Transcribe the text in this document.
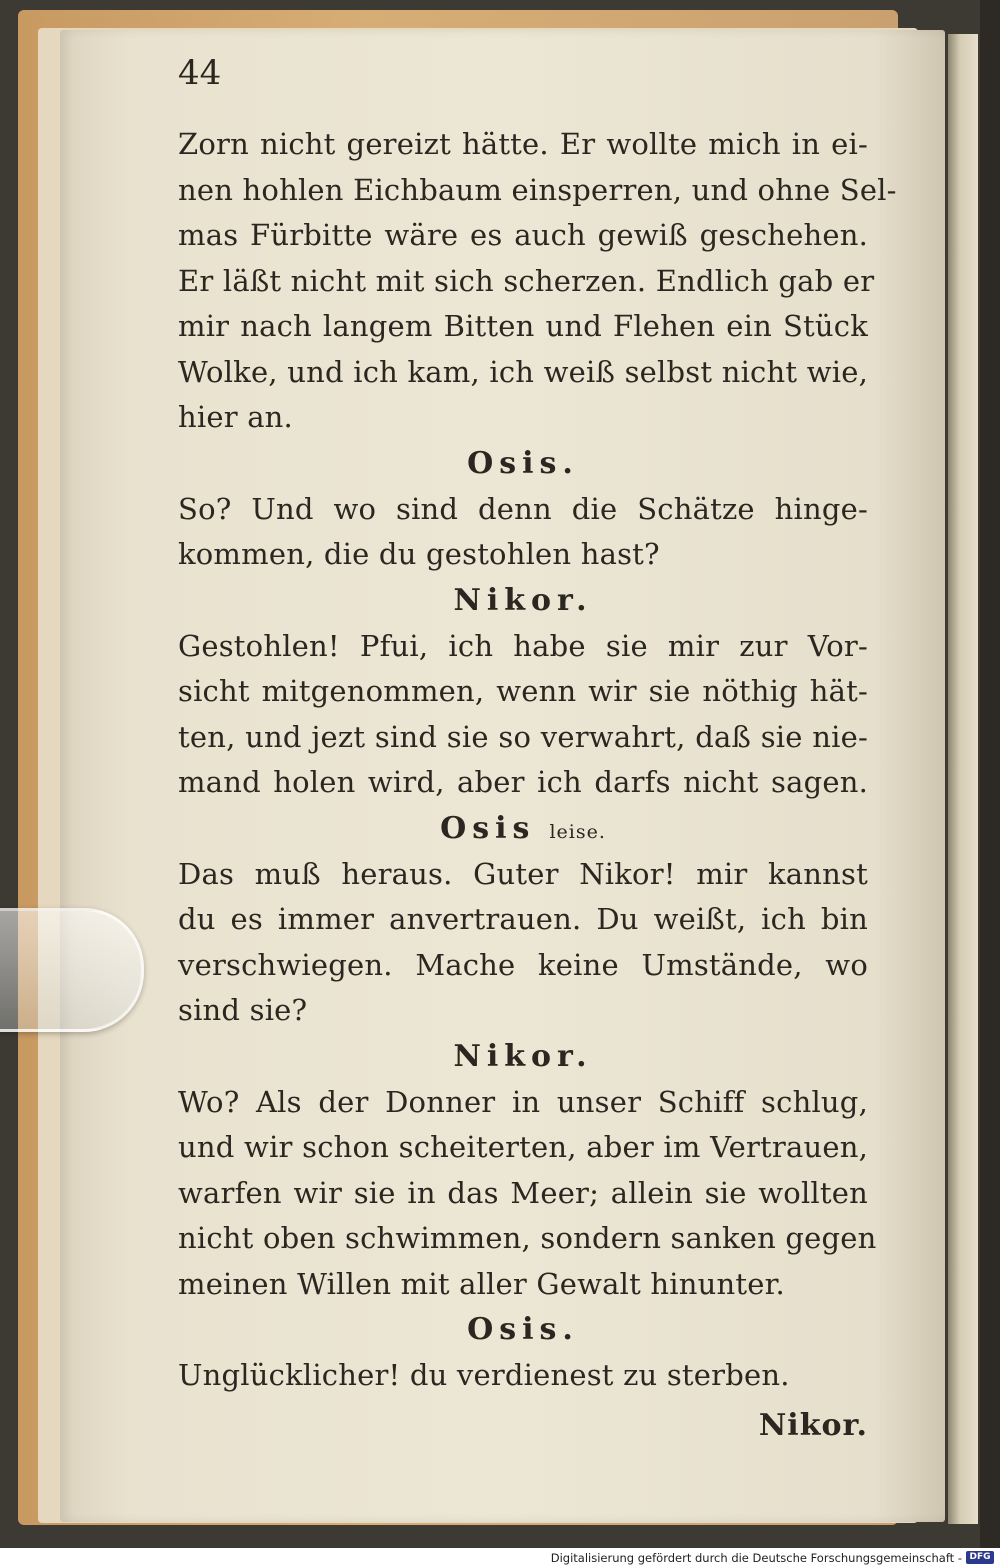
44
Zorn nicht gereizt hätte. Er wollte mich in ei-
nen hohlen Eichbaum einsperren, und ohne Sel-
mas Fürbitte wäre es auch gewiß geschehen.
Er läßt nicht mit sich scherzen. Endlich gab er
mir nach langem Bitten und Flehen ein Stück
Wolke, und ich kam, ich weiß selbst nicht wie,
hier an.
Osis.
So? Und wo sind denn die Schätze hinge-
kommen, die du gestohlen hast?
Nikor.
Gestohlen! Pfui, ich habe sie mir zur Vor-
sicht mitgenommen, wenn wir sie nöthig hät-
ten, und jezt sind sie so verwahrt, daß sie nie-
mand holen wird, aber ich darfs nicht sagen.
Osis leise.
Das muß heraus. Guter Nikor! mir kannst
du es immer anvertrauen. Du weißt, ich bin
verschwiegen. Mache keine Umstände, wo
sind sie?
Nikor.
Wo? Als der Donner in unser Schiff schlug,
und wir schon scheiterten, aber im Vertrauen,
warfen wir sie in das Meer; allein sie wollten
nicht oben schwimmen, sondern sanken gegen
meinen Willen mit aller Gewalt hinunter.
Osis.
Unglücklicher! du verdienest zu sterben.
Nikor.
Digitalisierung gefördert durch die Deutsche Forschungsgemeinschaft - DFG
